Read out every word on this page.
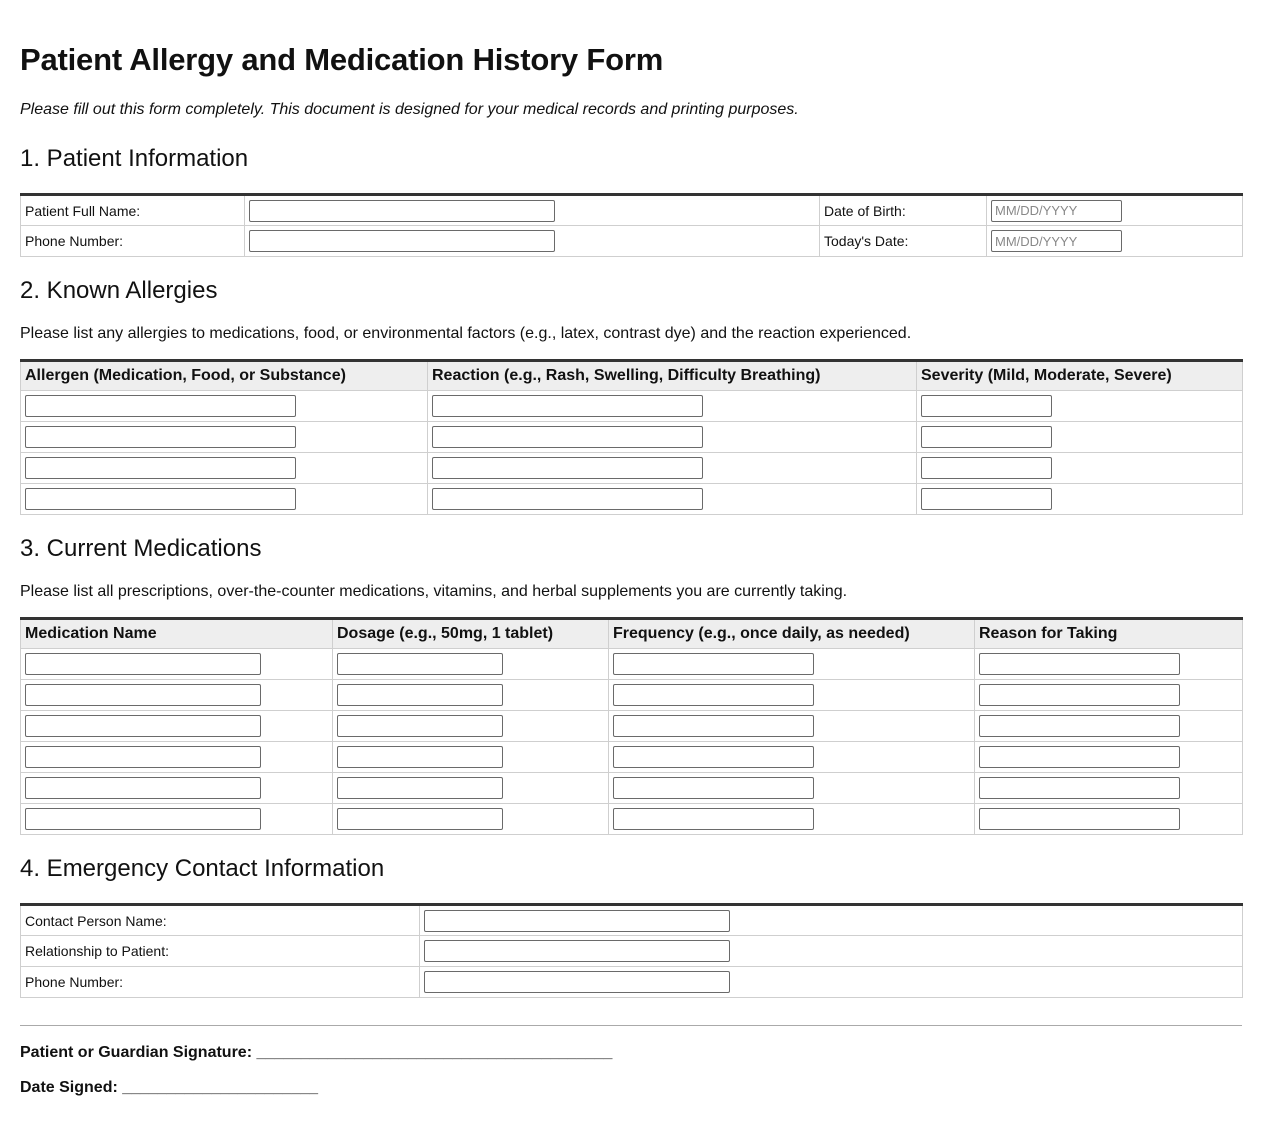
Patient Allergy and Medication History Form

Please fill out this form completely. This document is designed for your medical records and printing purposes.

1. Patient Information
Patient Full Name:		Date of Birth:	
MM/DD/YYYY
Phone Number:		Today's Date:	
MM/DD/YYYY
2. Known Allergies

Please list any allergies to medications, food, or environmental factors (e.g., latex, contrast dye) and the reaction experienced.

Allergen (Medication, Food, or Substance)	Reaction (e.g., Rash, Swelling, Difficulty Breathing)	Severity (Mild, Moderate, Severe)

3. Current Medications

Please list all prescriptions, over-the-counter medications, vitamins, and herbal supplements you are currently taking.

Medication Name	Dosage (e.g., 50mg, 1 tablet)	Frequency (e.g., once daily, as needed)	Reason for Taking

4. Emergency Contact Information
Contact Person Name:	

Relationship to Patient:	

Phone Number:	

Patient or Guardian Signature: ________________________________________

Date Signed: ______________________
